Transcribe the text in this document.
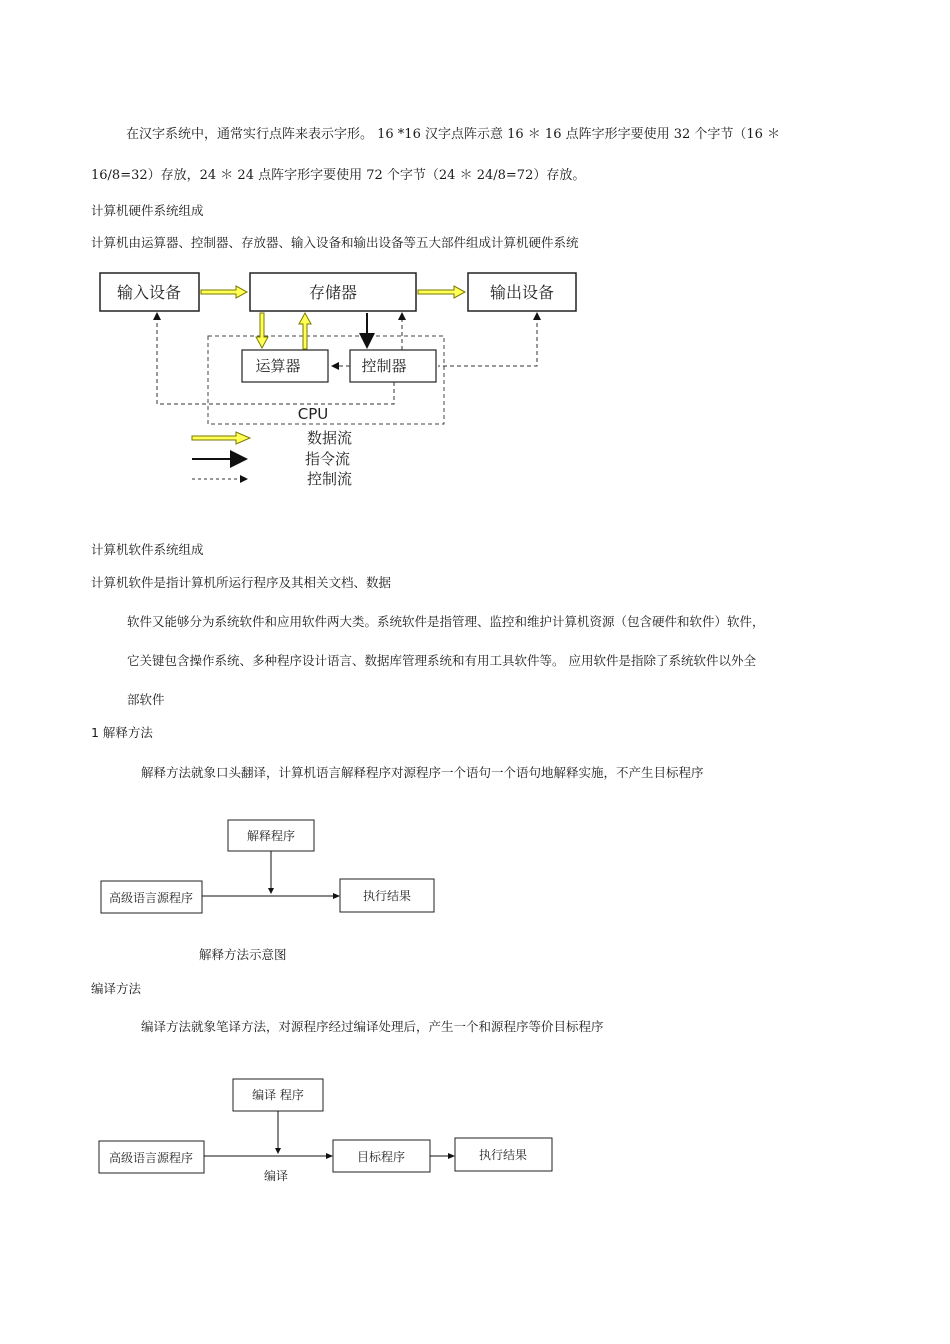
在汉字系统中，通常实行点阵来表示字形。 16 *16 汉字点阵示意 16 ＊ 16 点阵字形字要使用 32 个字节（16 ＊
16/8=32）存放，24 ＊ 24 点阵字形字要使用 72 个字节（24 ＊ 24/8=72）存放。
计算机硬件系统组成
计算机由运算器、控制器、存放器、输入设备和输出设备等五大部件组成计算机硬件系统
输入设备	存储器	输出设备
运算器	控制器
CPU
数据流
指令流
控制流
解释程序
高级语言源程序	执行结果
编译 程序
高级语言源程序
编译
目标程序	执行结果
计算机软件系统组成
计算机软件是指计算机所运行程序及其相关文档、数据
软件又能够分为系统软件和应用软件两大类。系统软件是指管理、监控和维护计算机资源（包含硬件和软件）软件，
它关键包含操作系统、多种程序设计语言、数据库管理系统和有用工具软件等。 应用软件是指除了系统软件以外全
部软件
1 解释方法
解释方法就象口头翻译，计算机语言解释程序对源程序一个语句一个语句地解释实施，不产生目标程序
解释方法示意图
编译方法
编译方法就象笔译方法，对源程序经过编译处理后，产生一个和源程序等价目标程序
